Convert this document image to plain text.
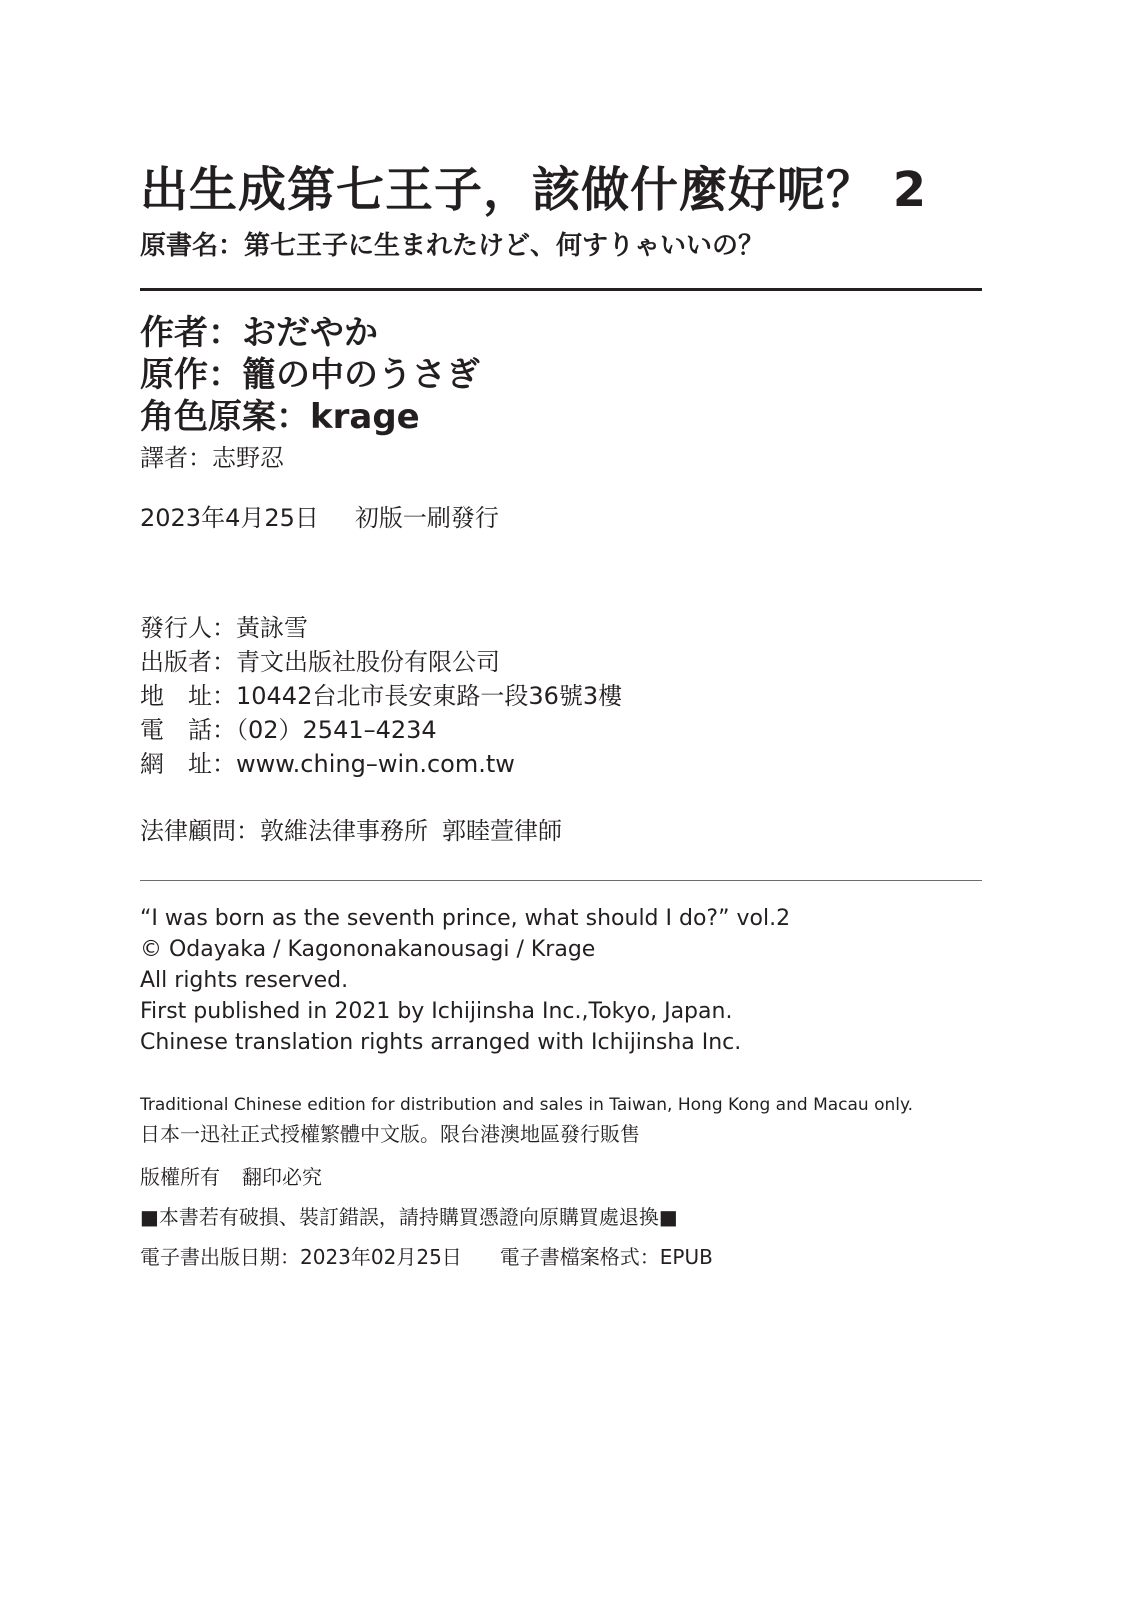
出生成第七王子，該做什麼好呢？ 2
原書名：第七王子に生まれたけど、何すりゃいいの？
作者：おだやか
原作：籠の中のうさぎ
角色原案：krage
譯者：志野忍
2023年4月25日 初版一刷發行
發行人：黃詠雪
出版者：青文出版社股份有限公司
地　址：10442台北市長安東路一段36號3樓
電　話：（02）2541–4234
網　址：www.ching–win.com.tw
法律顧問：敦維法律事務所 郭睦萱律師
“I was born as the seventh prince, what should I do?” vol.2
© Odayaka / Kagononakanousagi / Krage
All rights reserved.
First published in 2021 by Ichijinsha Inc.,Tokyo, Japan.
Chinese translation rights arranged with Ichijinsha Inc.
Traditional Chinese edition for distribution and sales in Taiwan, Hong Kong and Macau only.
日本一迅社正式授權繁體中文版。限台港澳地區發行販售
版權所有 翻印必究
■本書若有破損、裝訂錯誤，請持購買憑證向原購買處退換■
電子書出版日期：2023年02月25日 電子書檔案格式：EPUB
